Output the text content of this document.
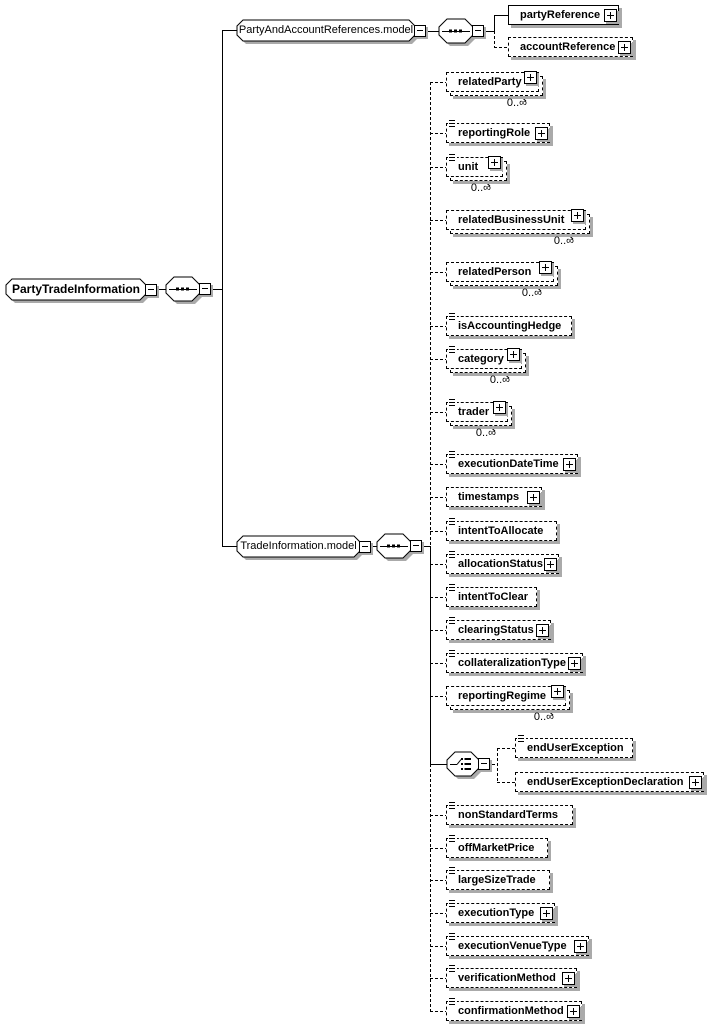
PartyTradeInformation
PartyAndAccountReferences.model
TradeInformation.model
partyReference
accountReference
0..∞
relatedParty
reportingRole
0..∞
unit
0..∞
relatedBusinessUnit
0..∞
relatedPerson
isAccountingHedge
0..∞
category
0..∞
trader
executionDateTime
timestamps
intentToAllocate
allocationStatus
intentToClear
clearingStatus
collateralizationType
0..∞
reportingRegime
endUserException
endUserExceptionDeclaration
nonStandardTerms
offMarketPrice
largeSizeTrade
executionType
executionVenueType
verificationMethod
confirmationMethod
